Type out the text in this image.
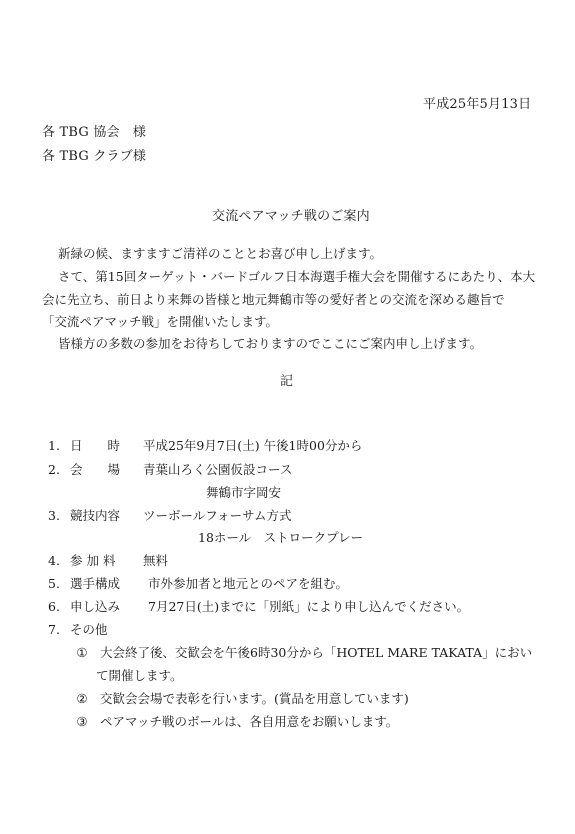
平成25年5月13日
各 TBG 協会　様
各 TBG クラブ様
交流ペアマッチ戦のご案内
新緑の候、ますますご清祥のこととお喜び申し上げます。
さて、第15回ターゲット・バードゴルフ日本海選手権大会を開催するにあたり、本大
会に先立ち、前日より来舞の皆様と地元舞鶴市等の愛好者との交流を深める趣旨で
「交流ペアマッチ戦」を開催いたします。
皆様方の多数の参加をお待ちしておりますのでここにご案内申し上げます。
記
1. 日　　時 平成25年9月7日(土) 午後1時00分から
2. 会　　場 青葉山ろく公園仮設コース
舞鶴市字岡安
3. 競技内容 ツーボールフォーサム方式
18ホール　ストロークプレー
4. 参 加 料 無料
5. 選手構成 市外参加者と地元とのペアを組む。
6. 申し込み 7月27日(土)までに「別紙」により申し込んでください。
7. その他
① 大会終了後、交歓会を午後6時30分から「HOTEL MARE TAKATA」におい
て開催します。
② 交歓会会場で表彰を行います。(賞品を用意しています)
③ ペアマッチ戦のボールは、各自用意をお願いします。
